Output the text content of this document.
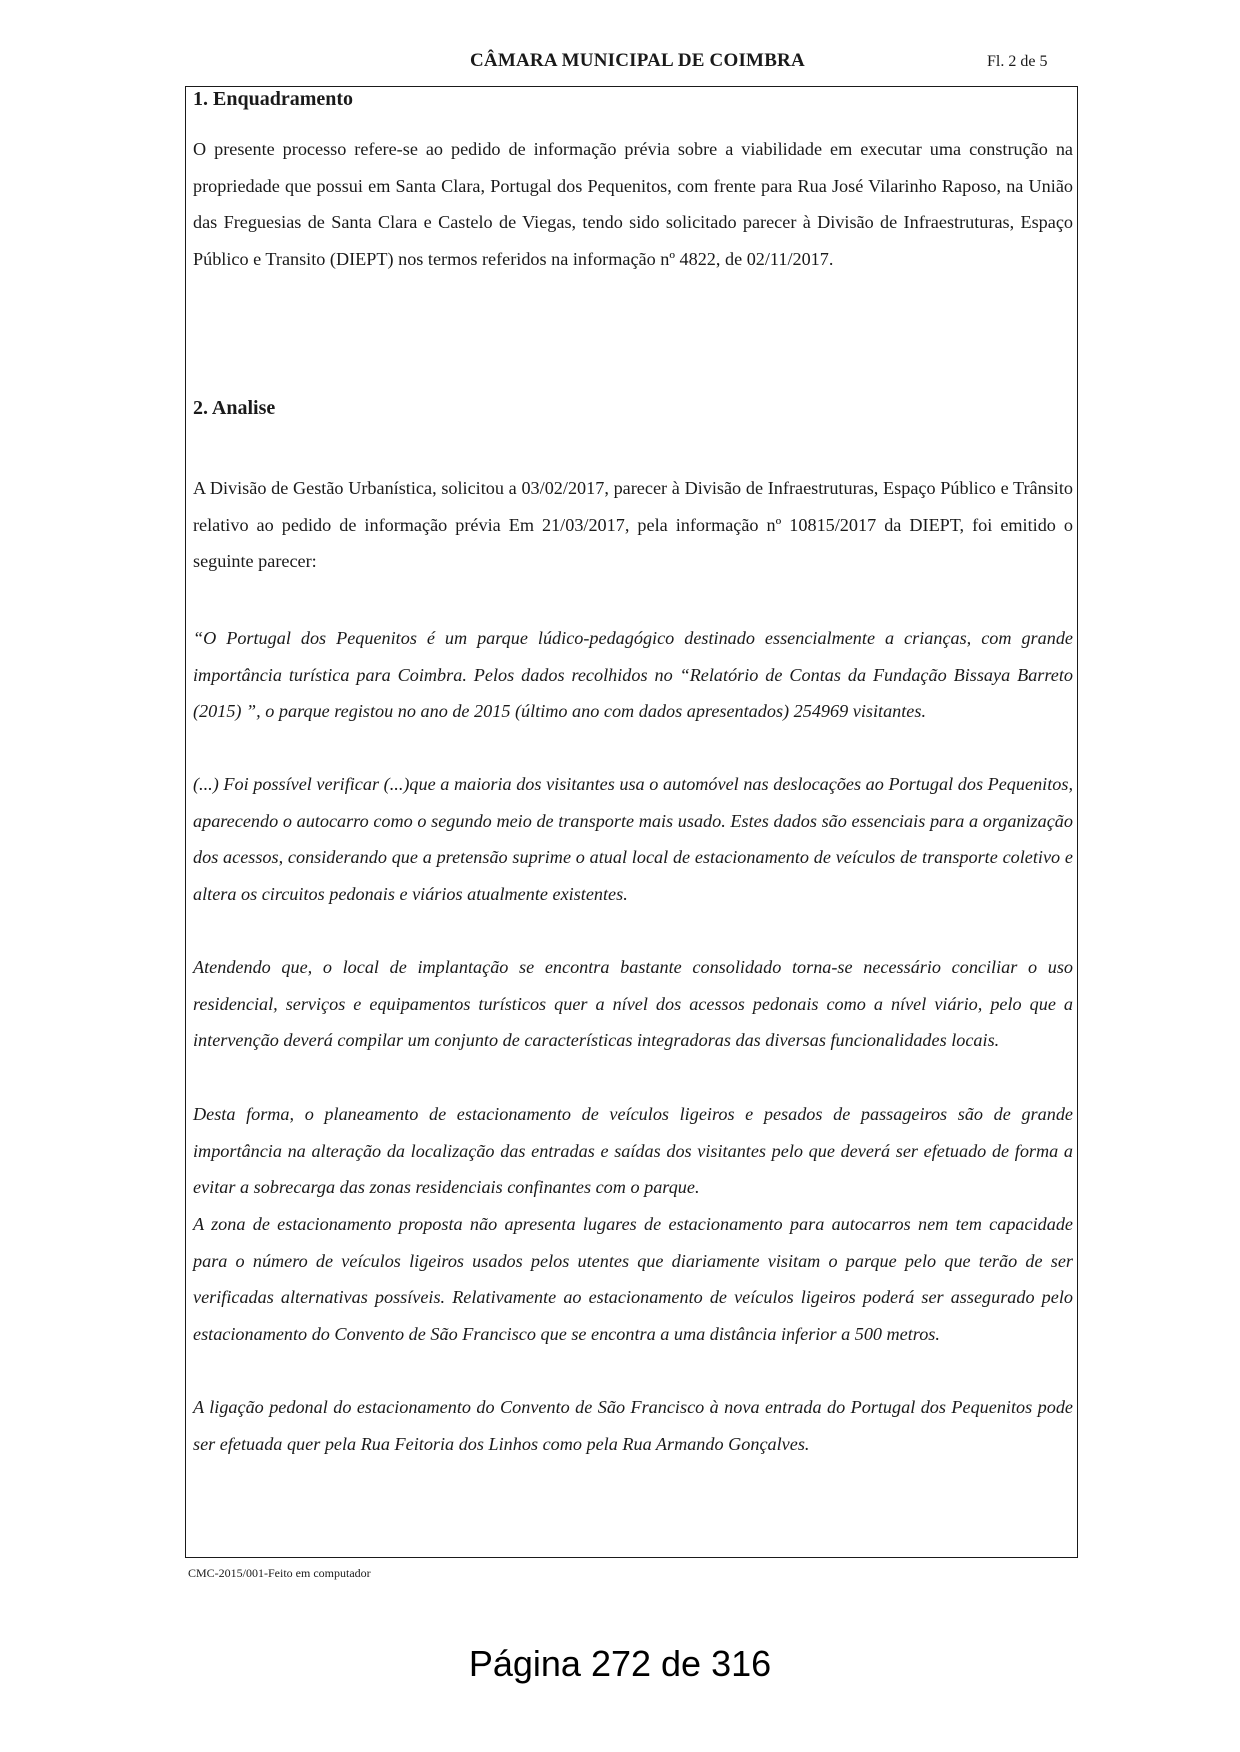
CÂMARA MUNICIPAL DE COIMBRA	Fl. 2 de 5
1. Enquadramento

O presente processo refere-se ao pedido de informação prévia sobre a viabilidade em executar uma construção na propriedade que possui em Santa Clara, Portugal dos Pequenitos, com frente para Rua José Vilarinho Raposo, na União das Freguesias de Santa Clara e Castelo de Viegas, tendo sido solicitado parecer à Divisão de Infraestruturas, Espaço Público e Transito (DIEPT) nos termos referidos na informação nº 4822, de 02/11/2017.

2. Analise

A Divisão de Gestão Urbanística, solicitou a 03/02/2017, parecer à Divisão de Infraestruturas, Espaço Público e Trânsito relativo ao pedido de informação prévia Em 21/03/2017, pela informação nº 10815/2017 da DIEPT, foi emitido o seguinte parecer:

“O Portugal dos Pequenitos é um parque lúdico-pedagógico destinado essencialmente a crianças, com grande importância turística para Coimbra. Pelos dados recolhidos no “Relatório de Contas da Fundação Bissaya Barreto (2015) ”, o parque registou no ano de 2015 (último ano com dados apresentados) 254969 visitantes.

(...) Foi possível verificar (...)que a maioria dos visitantes usa o automóvel nas deslocações ao Portugal dos Pequenitos, aparecendo o autocarro como o segundo meio de transporte mais usado. Estes dados são essenciais para a organização dos acessos, considerando que a pretensão suprime o atual local de estacionamento de veículos de transporte coletivo e altera os circuitos pedonais e viários atualmente existentes.

Atendendo que, o local de implantação se encontra bastante consolidado torna-se necessário conciliar o uso residencial, serviços e equipamentos turísticos quer a nível dos acessos pedonais como a nível viário, pelo que a intervenção deverá compilar um conjunto de características integradoras das diversas funcionalidades locais.

Desta forma, o planeamento de estacionamento de veículos ligeiros e pesados de passageiros são de grande importância na alteração da localização das entradas e saídas dos visitantes pelo que deverá ser efetuado de forma a evitar a sobrecarga das zonas residenciais confinantes com o parque.

A zona de estacionamento proposta não apresenta lugares de estacionamento para autocarros nem tem capacidade para o número de veículos ligeiros usados pelos utentes que diariamente visitam o parque pelo que terão de ser verificadas alternativas possíveis. Relativamente ao estacionamento de veículos ligeiros poderá ser assegurado pelo estacionamento do Convento de São Francisco que se encontra a uma distância inferior a 500 metros.

A ligação pedonal do estacionamento do Convento de São Francisco à nova entrada do Portugal dos Pequenitos pode ser efetuada quer pela Rua Feitoria dos Linhos como pela Rua Armando Gonçalves.

CMC-2015/001-Feito em computador
Página 272 de 316
